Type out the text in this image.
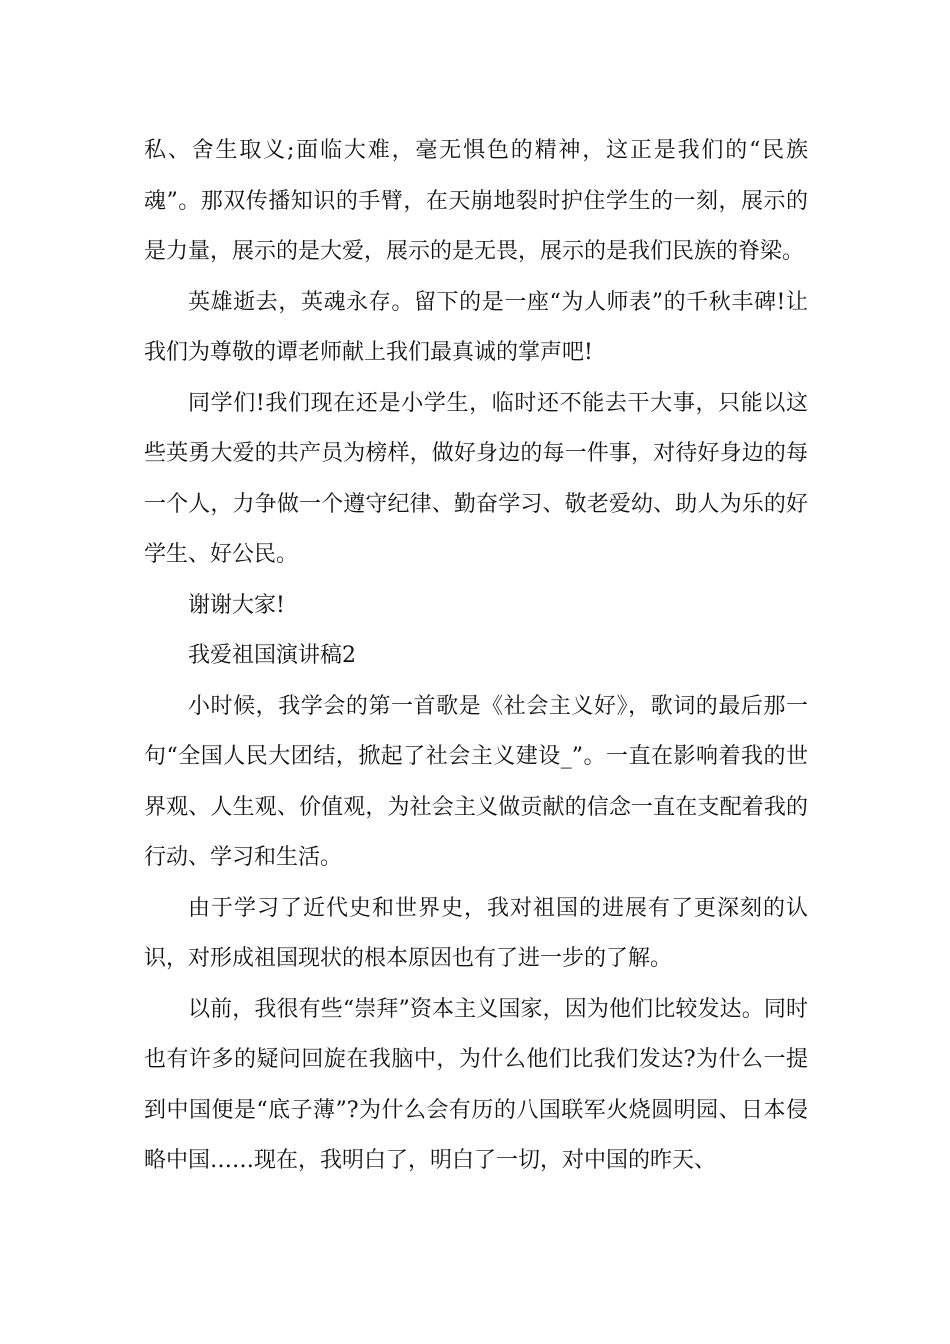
私、舍生取义;面临大难，毫无惧色的精神，这正是我们的“民族魂”。那双传播知识的手臂，在天崩地裂时护住学生的一刻，展示的是力量，展示的是大爱，展示的是无畏，展示的是我们民族的脊梁。

英雄逝去，英魂永存。留下的是一座“为人师表”的千秋丰碑!让我们为尊敬的谭老师献上我们最真诚的掌声吧!

同学们!我们现在还是小学生，临时还不能去干大事，只能以这些英勇大爱的共产员为榜样，做好身边的每一件事，对待好身边的每一个人，力争做一个遵守纪律、勤奋学习、敬老爱幼、助人为乐的好学生、好公民。

谢谢大家!

我爱祖国演讲稿2

小时候，我学会的第一首歌是《社会主义好》，歌词的最后那一句“全国人民大团结，掀起了社会主义建设_”。一直在影响着我的世界观、人生观、价值观，为社会主义做贡献的信念一直在支配着我的行动、学习和生活。

由于学习了近代史和世界史，我对祖国的进展有了更深刻的认识，对形成祖国现状的根本原因也有了进一步的了解。

以前，我很有些“崇拜”资本主义国家，因为他们比较发达。同时也有许多的疑问回旋在我脑中，为什么他们比我们发达?为什么一提到中国便是“底子薄”?为什么会有历的八国联军火烧圆明园、日本侵略中国……现在，我明白了，明白了一切，对中国的昨天、
